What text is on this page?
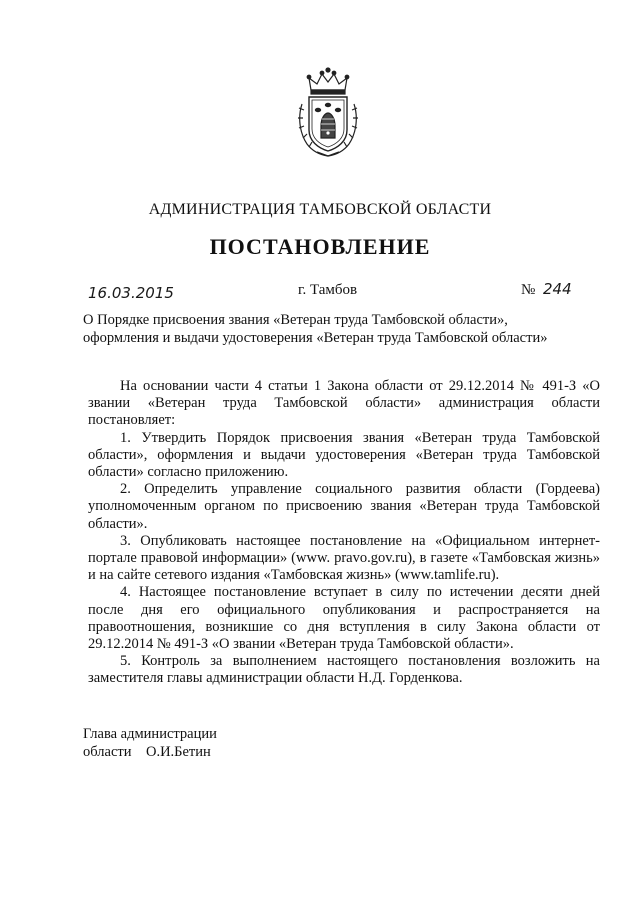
АДМИНИСТРАЦИЯ ТАМБОВСКОЙ ОБЛАСТИ
ПОСТАНОВЛЕНИЕ
16.03.2015	г. Тамбов	№ 244

О Порядке присвоения звания «Ветеран труда Тамбовской области»,

оформления и выдачи удостоверения «Ветеран труда Тамбовской области»

На основании части 4 статьи 1 Закона области от 29.12.2014 № 491-З «О звании «Ветеран труда Тамбовской области» администрация области постановляет:

1. Утвердить Порядок присвоения звания «Ветеран труда Тамбовской области», оформления и выдачи удостоверения «Ветеран труда Тамбовской области» согласно приложению.

2. Определить управление социального развития области (Гордеева) уполномоченным органом по присвоению звания «Ветеран труда Тамбовской области».

3. Опубликовать настоящее постановление на «Официальном интернет-портале правовой информации» (www. pravo.gov.ru), в газете «Тамбовская жизнь» и на сайте сетевого издания «Тамбовская жизнь» (www.tamlife.ru).

4. Настоящее постановление вступает в силу по истечении десяти дней после дня его официального опубликования и распространяется на правоотношения, возникшие со дня вступления в силу Закона области от 29.12.2014 № 491-З «О звании «Ветеран труда Тамбовской области».

5. Контроль за выполнением настоящего постановления возложить на заместителя главы администрации области Н.Д. Горденкова.

Глава администрации
области    О.И.Бетин
